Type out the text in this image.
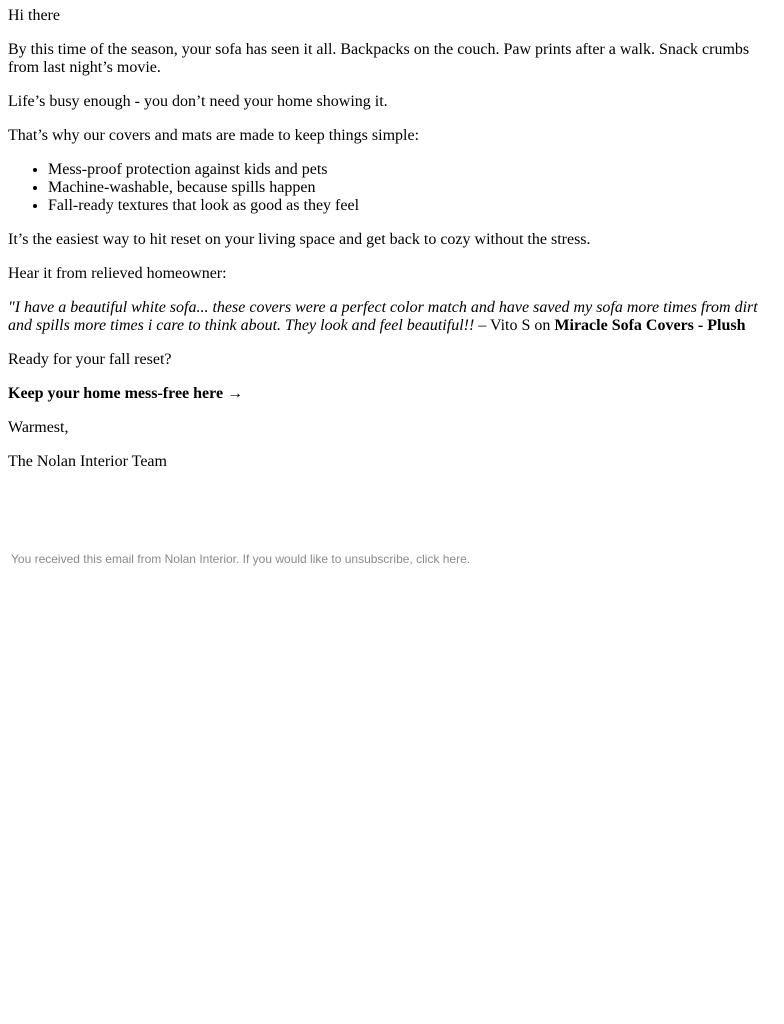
Hi there

By this time of the season, your sofa has seen it all. Backpacks on the couch. Paw prints after a walk. Snack crumbs from last night’s movie.

Life’s busy enough - you don’t need your home showing it.

That’s why our covers and mats are made to keep things simple:

• Mess-proof protection against kids and pets
• Machine-washable, because spills happen
• Fall-ready textures that look as good as they feel

It’s the easiest way to hit reset on your living space and get back to cozy without the stress.

Hear it from relieved homeowner:

"I have a beautiful white sofa... these covers were a perfect color match and have saved my sofa more times from dirt and spills more times i care to think about. They look and feel beautiful!! – Vito S on Miracle Sofa Covers - Plush

Ready for your fall reset?

Keep your home mess-free here →

Warmest,

The Nolan Interior Team

You received this email from Nolan Interior. If you would like to unsubscribe, click here.
